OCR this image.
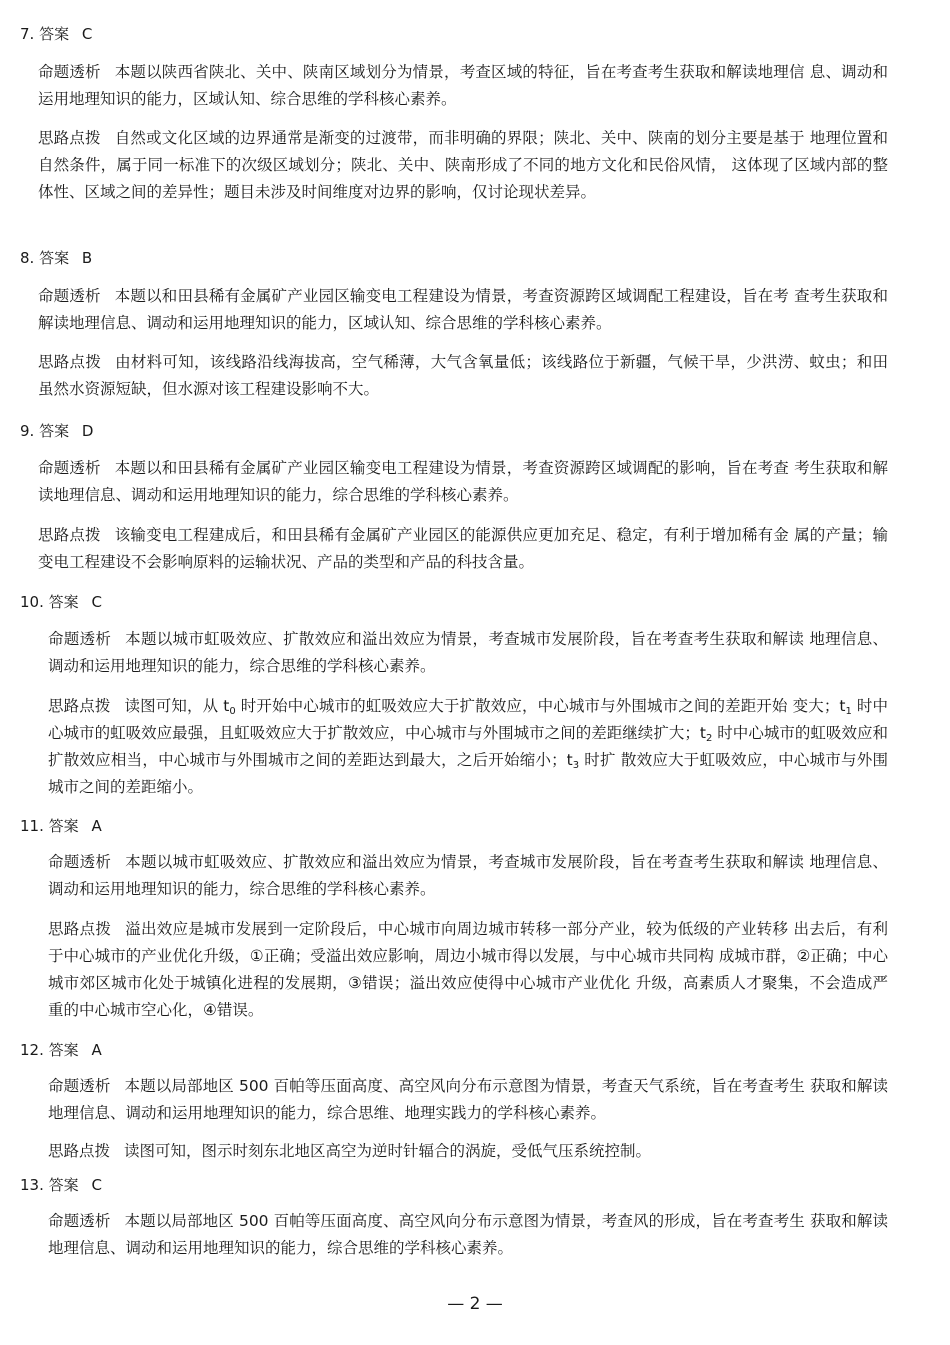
7. 答案 C

命题透析 本题以陕西省陕北、关中、陕南区域划分为情景，考查区域的特征，旨在考查考生获取和解读地理信 息、调动和运用地理知识的能力，区域认知、综合思维的学科核心素养。

思路点拨 自然或文化区域的边界通常是渐变的过渡带，而非明确的界限；陕北、关中、陕南的划分主要是基于 地理位置和自然条件，属于同一标准下的次级区域划分；陕北、关中、陕南形成了不同的地方文化和民俗风情， 这体现了区域内部的整体性、区域之间的差异性；题目未涉及时间维度对边界的影响，仅讨论现状差异。

8. 答案 B

命题透析 本题以和田县稀有金属矿产业园区输变电工程建设为情景，考查资源跨区域调配工程建设，旨在考 查考生获取和解读地理信息、调动和运用地理知识的能力，区域认知、综合思维的学科核心素养。

思路点拨 由材料可知，该线路沿线海拔高，空气稀薄，大气含氧量低；该线路位于新疆，气候干旱，少洪涝、蚊虫；和田虽然水资源短缺，但水源对该工程建设影响不大。

9. 答案 D

命题透析 本题以和田县稀有金属矿产业园区输变电工程建设为情景，考查资源跨区域调配的影响，旨在考查 考生获取和解读地理信息、调动和运用地理知识的能力，综合思维的学科核心素养。

思路点拨 该输变电工程建成后，和田县稀有金属矿产业园区的能源供应更加充足、稳定，有利于增加稀有金 属的产量；输变电工程建设不会影响原料的运输状况、产品的类型和产品的科技含量。

10. 答案 C

命题透析 本题以城市虹吸效应、扩散效应和溢出效应为情景，考查城市发展阶段，旨在考查考生获取和解读 地理信息、调动和运用地理知识的能力，综合思维的学科核心素养。

思路点拨 读图可知，从 $t_0$ 时开始中心城市的虹吸效应大于扩散效应，中心城市与外围城市之间的差距开始 变大；$t_1$ 时中心城市的虹吸效应最强，且虹吸效应大于扩散效应，中心城市与外围城市之间的差距继续扩大；$t_2$ 时中心城市的虹吸效应和扩散效应相当，中心城市与外围城市之间的差距达到最大，之后开始缩小；$t_3$ 时扩 散效应大于虹吸效应，中心城市与外围城市之间的差距缩小。

11. 答案 A

命题透析 本题以城市虹吸效应、扩散效应和溢出效应为情景，考查城市发展阶段，旨在考查考生获取和解读 地理信息、调动和运用地理知识的能力，综合思维的学科核心素养。

思路点拨 溢出效应是城市发展到一定阶段后，中心城市向周边城市转移一部分产业，较为低级的产业转移 出去后，有利于中心城市的产业优化升级，①正确；受溢出效应影响，周边小城市得以发展，与中心城市共同构 成城市群，②正确；中心城市郊区城市化处于城镇化进程的发展期，③错误；溢出效应使得中心城市产业优化 升级，高素质人才聚集，不会造成严重的中心城市空心化，④错误。

12. 答案 A

命题透析 本题以局部地区 500 百帕等压面高度、高空风向分布示意图为情景，考查天气系统，旨在考查考生 获取和解读地理信息、调动和运用地理知识的能力，综合思维、地理实践力的学科核心素养。

思路点拨 读图可知，图示时刻东北地区高空为逆时针辐合的涡旋，受低气压系统控制。

13. 答案 C

命题透析 本题以局部地区 500 百帕等压面高度、高空风向分布示意图为情景，考查风的形成，旨在考查考生 获取和解读地理信息、调动和运用地理知识的能力，综合思维的学科核心素养。

— 2 —
